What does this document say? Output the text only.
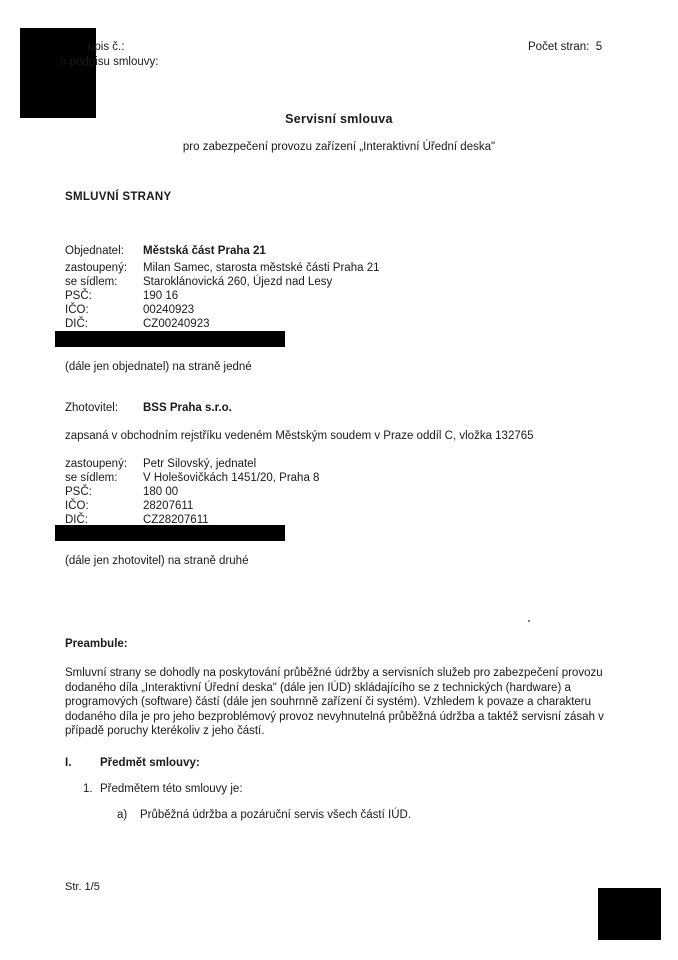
opis č.:
n podpisu smlouvy:
Počet stran:  5
Servisní smlouva
pro zabezpečení provozu zařízení „Interaktivní Úřední deska"
SMLUVNÍ STRANY
Objednatel: Městská část Praha 21
zastoupený: Milan Samec, starosta městské části Praha 21
se sídlem: Staroklánovická 260, Újezd nad Lesy
PSČ:	190 16
IČO:	00240923
DIČ:	CZ00240923
(dále jen objednatel) na straně jedné
Zhotovitel: BSS Praha s.r.o.
zapsaná v obchodním rejstříku vedeném Městským soudem v Praze oddíl C, vložka 132765
zastoupený: Petr Silovský, jednatel
se sídlem: V Holešovičkách 1451/20, Praha 8
PSČ:	180 00
IČO:	28207611
DIČ:	CZ28207611
(dále jen zhotovitel) na straně druhé
Preambule:
Smluvní strany se dohodly na poskytování průběžné údržby a servisních služeb pro zabezpečení provozu dodaného díla „Interaktivní Úřední deska" (dále jen IÚD) skládajícího se z technických (hardware) a programových (software) částí (dále jen souhrnně zařízení či systém). Vzhledem k povaze a charakteru dodaného díla je pro jeho bezproblémový provoz nevyhnutelná průběžná údržba a taktéž servisní zásah v případě poruchy kterékoliv z jeho částí.
I. Předmět smlouvy:
1. Předmětem této smlouvy je:
a) Průběžná údržba a pozáruční servis všech částí IÚD.
Str. 1/5
